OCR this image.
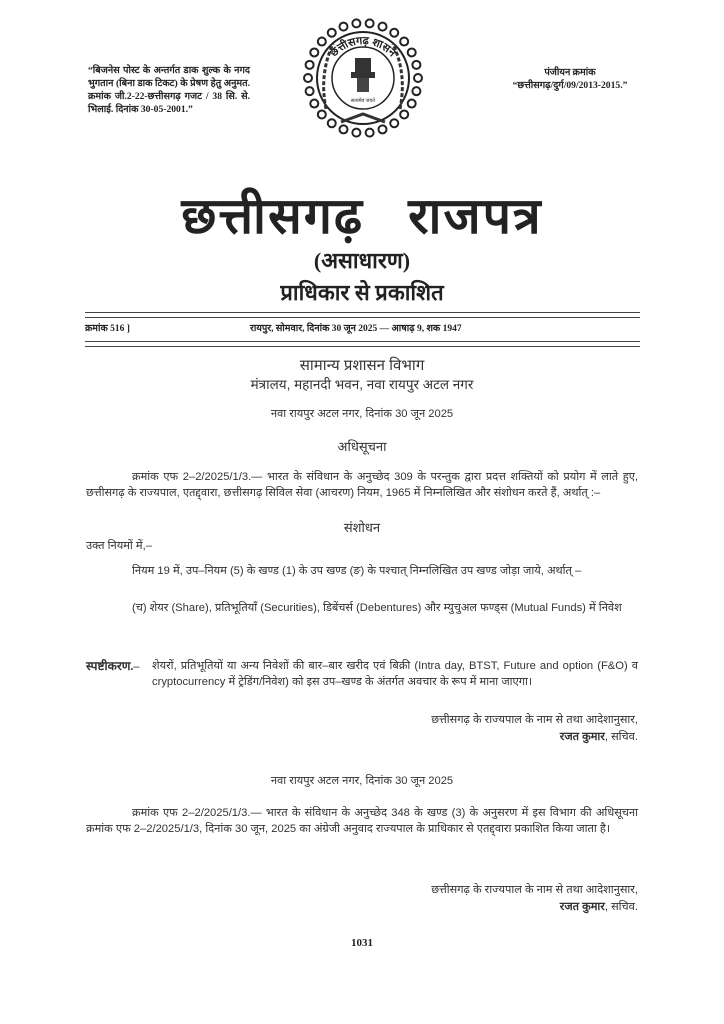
“बिजनेस पोस्ट के अन्तर्गत डाक शुल्क के नगद भुगतान (बिना डाक टिकट) के प्रेषण हेतु अनुमत. क्रमांक जी.2-22-छत्तीसगढ़ गजट / 38 सि. से. भिलाई. दिनांक 30-05-2001.”
सत्यमेव जयते
छत्तीसगढ़ शासन
पंजीयन क्रमांक
“छत्तीसगढ़/दुर्ग/09/2013-2015.”
छत्तीसगढ़ राजपत्र
(असाधारण)
प्राधिकार से प्रकाशित
क्रमांक 516 ]	रायपुर, सोमवार, दिनांक 30 जून 2025 — आषाढ़ 9, शक 1947
सामान्य प्रशासन विभाग
मंत्रालय, महानदी भवन, नवा रायपुर अटल नगर
नवा रायपुर अटल नगर, दिनांक 30 जून 2025
अधिसूचना
क्रमांक एफ 2–2/2025/1/3.— भारत के संविधान के अनुच्छेद 309 के परन्तुक द्वारा प्रदत्त शक्तियों को प्रयोग में लाते हुए, छत्तीसगढ़ के राज्यपाल, एतद्द्वारा, छत्तीसगढ़ सिविल सेवा (आचरण) नियम, 1965 में निम्नलिखित और संशोधन करते हैं, अर्थात् :–
संशोधन
उक्त नियमों में,–
नियम 19 में, उप–नियम (5) के खण्ड (1) के उप खण्ड (ङ) के पश्चात् निम्नलिखित उप खण्ड जोड़ा जाये, अर्थात् –
(च) शेयर (Share), प्रतिभूतियाँ (Securities), डिबेंचर्स (Debentures) और म्युचुअल फण्ड्स (Mutual Funds) में निवेश
स्पष्टीकरण.– शेयरों, प्रतिभूतियों या अन्य निवेशों की बार–बार खरीद एवं बिक्री (Intra day, BTST, Future and option (F&O) व cryptocurrency में ट्रेडिंग/निवेश) को इस उप–खण्ड के अंतर्गत अवचार के रूप में माना जाएगा।
छत्तीसगढ़ के राज्यपाल के नाम से तथा आदेशानुसार,
रजत कुमार, सचिव.
नवा रायपुर अटल नगर, दिनांक 30 जून 2025
क्रमांक एफ 2–2/2025/1/3.— भारत के संविधान के अनुच्छेद 348 के खण्ड (3) के अनुसरण में इस विभाग की अधिसूचना क्रमांक एफ 2–2/2025/1/3, दिनांक 30 जून, 2025 का अंग्रेजी अनुवाद राज्यपाल के प्राधिकार से एतद्द्वारा प्रकाशित किया जाता है।
छत्तीसगढ़ के राज्यपाल के नाम से तथा आदेशानुसार,
रजत कुमार, सचिव.
1031
